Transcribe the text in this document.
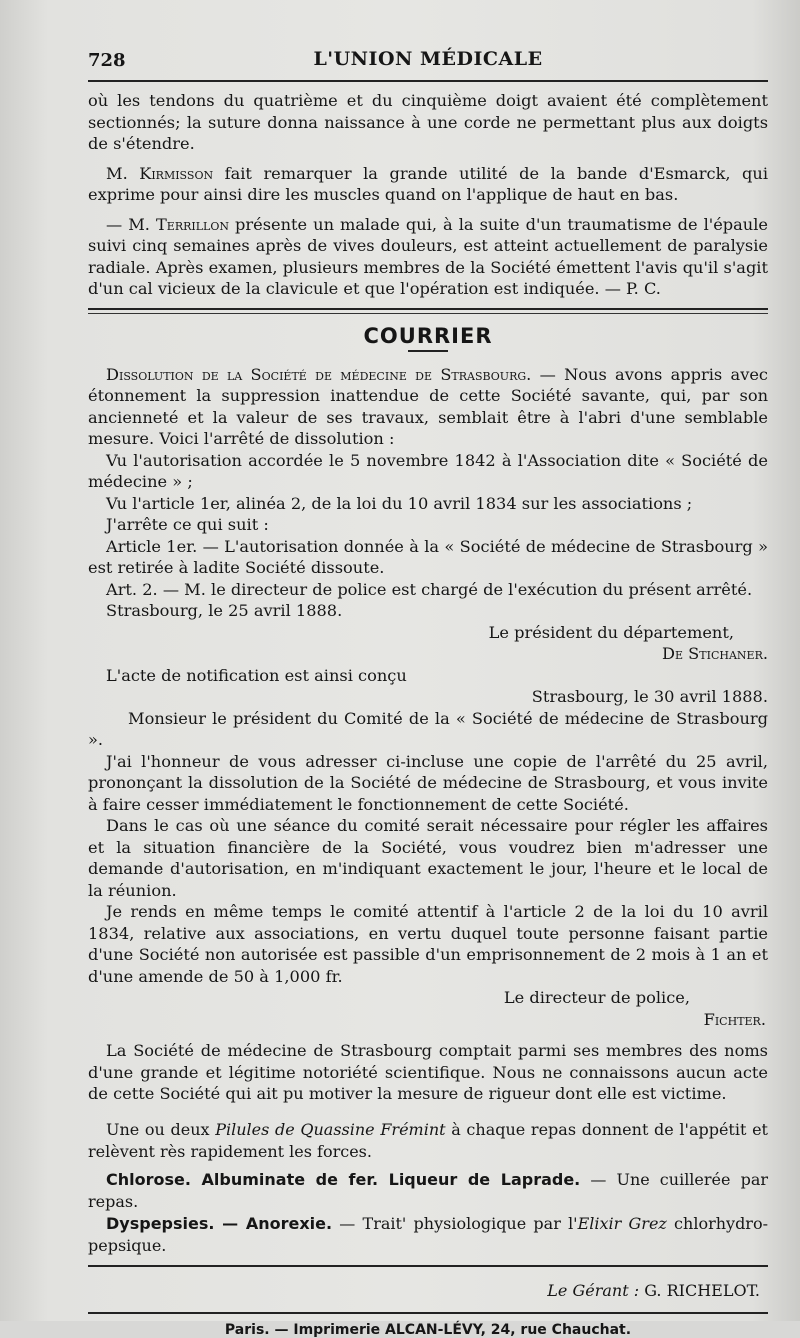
728	L'UNION MÉDICALE

où les tendons du quatrième et du cinquième doigt avaient été complètement sectionnés; la suture donna naissance à une corde ne permettant plus aux doigts de s'étendre.

M. Kirmisson fait remarquer la grande utilité de la bande d'Esmarck, qui exprime pour ainsi dire les muscles quand on l'applique de haut en bas.

— M. Terrillon présente un malade qui, à la suite d'un traumatisme de l'épaule suivi cinq semaines après de vives douleurs, est atteint actuellement de paralysie radiale. Après examen, plusieurs membres de la Société émettent l'avis qu'il s'agit d'un cal vicieux de la clavicule et que l'opération est indiquée. — P. C.

COURRIER

Dissolution de la Société de médecine de Strasbourg. — Nous avons appris avec étonnement la suppression inattendue de cette Société savante, qui, par son ancienneté et la valeur de ses travaux, semblait être à l'abri d'une semblable mesure. Voici l'arrêté de dissolution :

Vu l'autorisation accordée le 5 novembre 1842 à l'Association dite « Société de médecine » ;

Vu l'article 1er, alinéa 2, de la loi du 10 avril 1834 sur les associations ;

J'arrête ce qui suit :

Article 1er. — L'autorisation donnée à la « Société de médecine de Strasbourg » est retirée à ladite Société dissoute.

Art. 2. — M. le directeur de police est chargé de l'exécution du présent arrêté.

Strasbourg, le 25 avril 1888.

Le président du département,

De Stichaner.

L'acte de notification est ainsi conçu

Strasbourg, le 30 avril 1888.

Monsieur le président du Comité de la « Société de médecine de Strasbourg ».

J'ai l'honneur de vous adresser ci-incluse une copie de l'arrêté du 25 avril, prononçant la dissolution de la Société de médecine de Strasbourg, et vous invite à faire cesser immédiatement le fonctionnement de cette Société.

Dans le cas où une séance du comité serait nécessaire pour régler les affaires et la situation financière de la Société, vous voudrez bien m'adresser une demande d'autorisation, en m'indiquant exactement le jour, l'heure et le local de la réunion.

Je rends en même temps le comité attentif à l'article 2 de la loi du 10 avril 1834, relative aux associations, en vertu duquel toute personne faisant partie d'une Société non autorisée est passible d'un emprisonnement de 2 mois à 1 an et d'une amende de 50 à 1,000 fr.

Le directeur de police,

Fichter.

La Société de médecine de Strasbourg comptait parmi ses membres des noms d'une grande et légitime notoriété scientifique. Nous ne connaissons aucun acte de cette Société qui ait pu motiver la mesure de rigueur dont elle est victime.

Une ou deux Pilules de Quassine Frémint à chaque repas donnent de l'appétit et relèvent rès rapidement les forces.

Chlorose. Albuminate de fer. Liqueur de Laprade. — Une cuillerée par repas.

Dyspepsies. — Anorexie. — Trait' physiologique par l'Elixir Grez chlorhydro-pepsique.

Le Gérant : G. RICHELOT.
Paris. — Imprimerie ALCAN-LÉVY, 24, rue Chauchat.
